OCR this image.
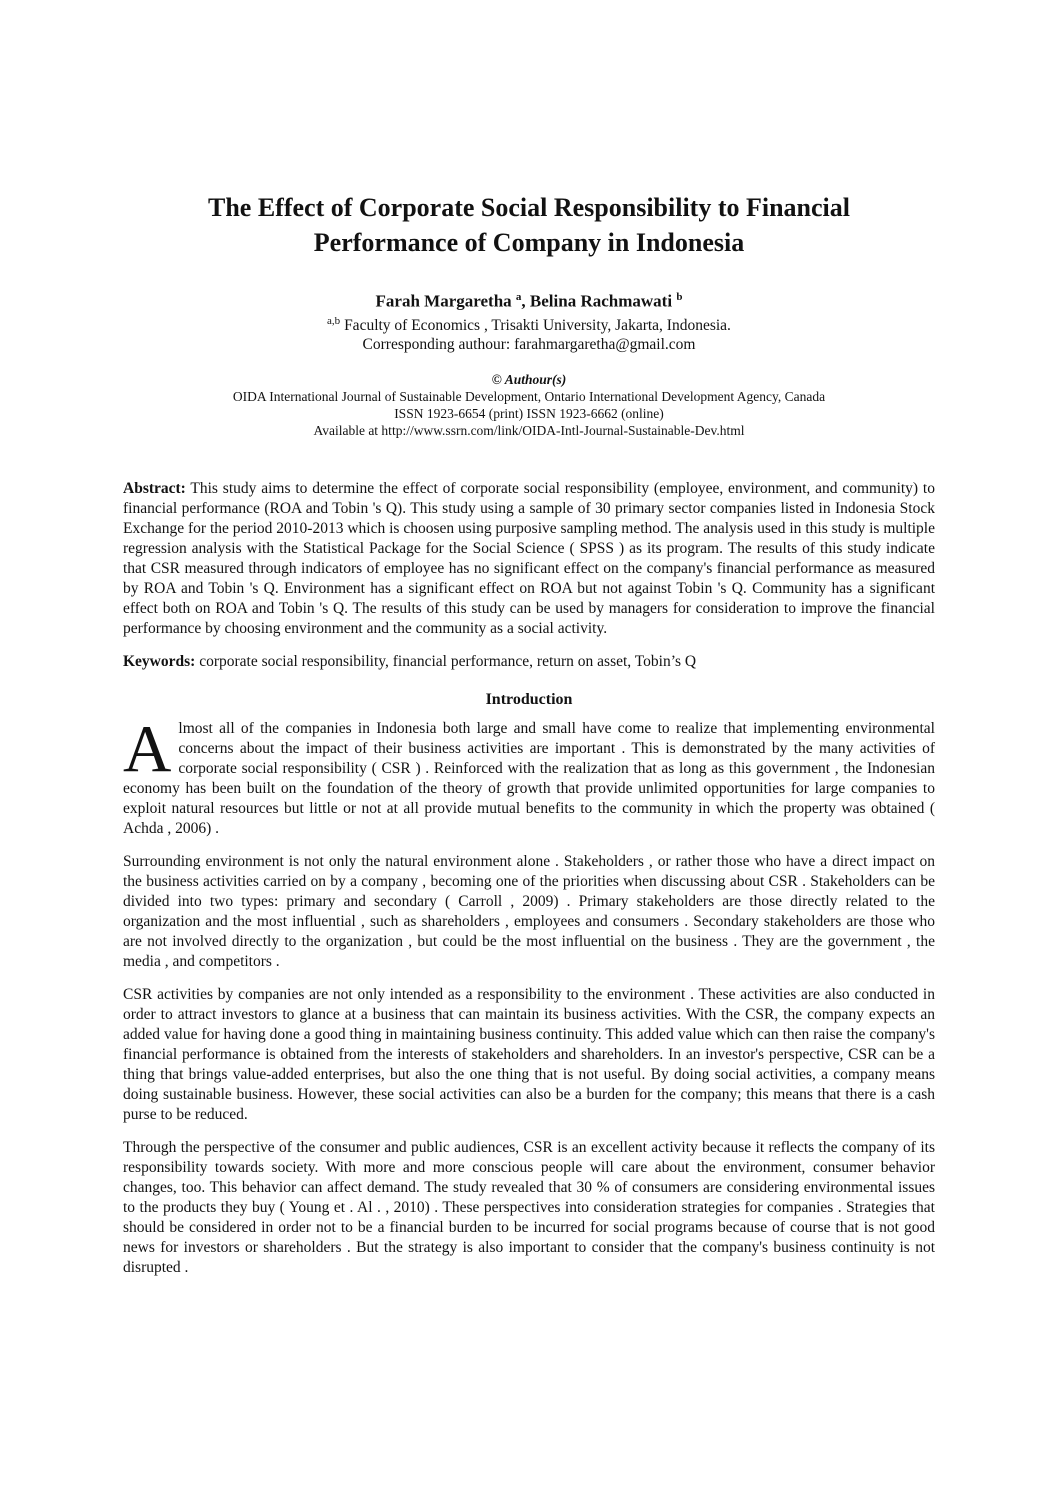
The Effect of Corporate Social Responsibility to Financial
Performance of Company in Indonesia
Farah Margaretha $^a$, Belina Rachmawati $^b$
$^{a,b}$ Faculty of Economics , Trisakti University, Jakarta, Indonesia.
Corresponding authour: farahmargaretha@gmail.com
© Authour(s)
OIDA International Journal of Sustainable Development, Ontario International Development Agency, Canada
ISSN 1923-6654 (print) ISSN 1923-6662 (online)
Available at http://www.ssrn.com/link/OIDA-Intl-Journal-Sustainable-Dev.html

Abstract: This study aims to determine the effect of corporate social responsibility (employee, environment, and community) to financial performance (ROA and Tobin 's Q). This study using a sample of 30 primary sector companies listed in Indonesia Stock Exchange for the period 2010-2013 which is choosen using purposive sampling method. The analysis used in this study is multiple regression analysis with the Statistical Package for the Social Science ( SPSS ) as its program. The results of this study indicate that CSR measured through indicators of employee has no significant effect on the company's financial performance as measured by ROA and Tobin 's Q. Environment has a significant effect on ROA but not against Tobin 's Q. Community has a significant effect both on ROA and Tobin 's Q. The results of this study can be used by managers for consideration to improve the financial performance by choosing environment and the community as a social activity.

Keywords: corporate social responsibility, financial performance, return on asset, Tobin’s Q

Introduction

Almost all of the companies in Indonesia both large and small have come to realize that implementing environmental concerns about the impact of their business activities are important . This is demonstrated by the many activities of corporate social responsibility ( CSR ) . Reinforced with the realization that as long as this government , the Indonesian economy has been built on the foundation of the theory of growth that provide unlimited opportunities for large companies to exploit natural resources but little or not at all provide mutual benefits to the community in which the property was obtained ( Achda , 2006) .

Surrounding environment is not only the natural environment alone . Stakeholders , or rather those who have a direct impact on the business activities carried on by a company , becoming one of the priorities when discussing about CSR . Stakeholders can be divided into two types: primary and secondary ( Carroll , 2009) . Primary stakeholders are those directly related to the organization and the most influential , such as shareholders , employees and consumers . Secondary stakeholders are those who are not involved directly to the organization , but could be the most influential on the business . They are the government , the media , and competitors .

CSR activities by companies are not only intended as a responsibility to the environment . These activities are also conducted in order to attract investors to glance at a business that can maintain its business activities. With the CSR, the company expects an added value for having done a good thing in maintaining business continuity. This added value which can then raise the company's financial performance is obtained from the interests of stakeholders and shareholders. In an investor's perspective, CSR can be a thing that brings value-added enterprises, but also the one thing that is not useful. By doing social activities, a company means doing sustainable business. However, these social activities can also be a burden for the company; this means that there is a cash purse to be reduced.

Through the perspective of the consumer and public audiences, CSR is an excellent activity because it reflects the company of its responsibility towards society. With more and more conscious people will care about the environment, consumer behavior changes, too. This behavior can affect demand. The study revealed that 30 % of consumers are considering environmental issues to the products they buy ( Young et . Al . , 2010) . These perspectives into consideration strategies for companies . Strategies that should be considered in order not to be a financial burden to be incurred for social programs because of course that is not good news for investors or shareholders . But the strategy is also important to consider that the company's business continuity is not disrupted .
